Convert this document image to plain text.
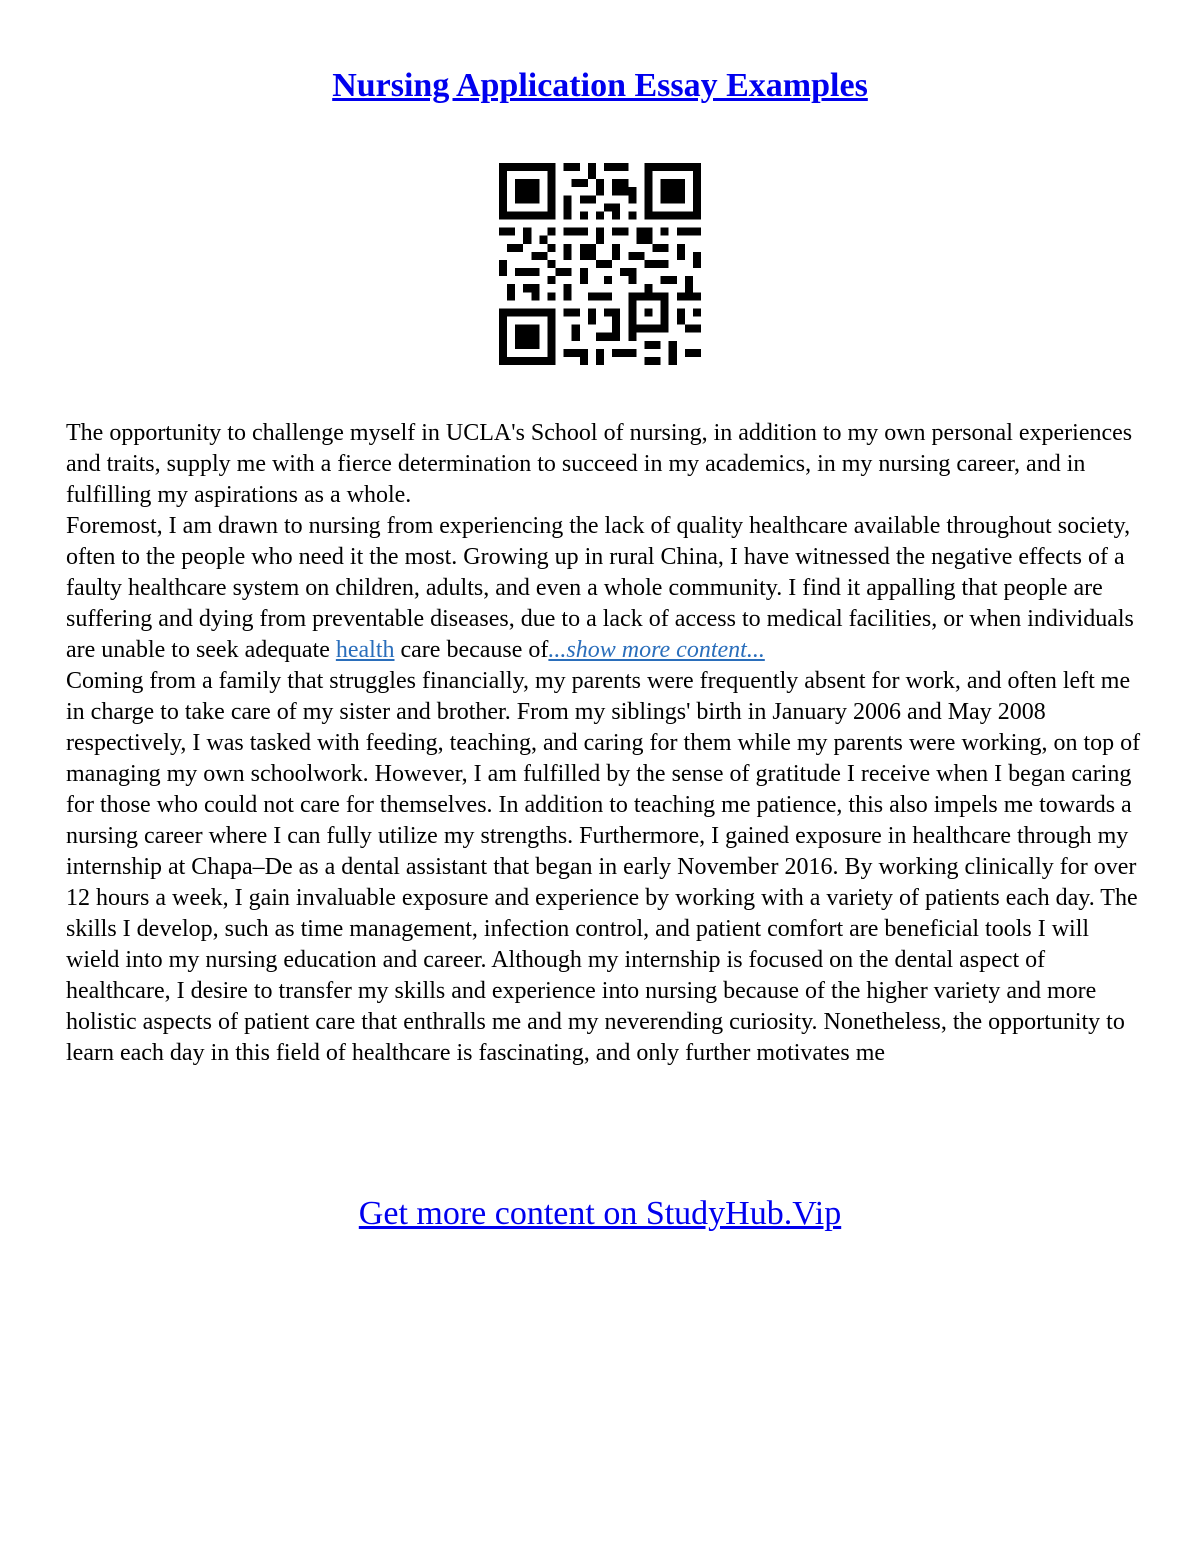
Nursing Application Essay Examples

The opportunity to challenge myself in UCLA's School of nursing, in addition to my own personal experiences and traits, supply me with a fierce determination to succeed in my academics, in my nursing career, and in fulfilling my aspirations as a whole.

Foremost, I am drawn to nursing from experiencing the lack of quality healthcare available throughout society, often to the people who need it the most. Growing up in rural China, I have witnessed the negative effects of a faulty healthcare system on children, adults, and even a whole community. I find it appalling that people are suffering and dying from preventable diseases, due to a lack of access to medical facilities, or when individuals are unable to seek adequate health care because of...show more content...

Coming from a family that struggles financially, my parents were frequently absent for work, and often left me in charge to take care of my sister and brother. From my siblings' birth in January 2006 and May 2008 respectively, I was tasked with feeding, teaching, and caring for them while my parents were working, on top of managing my own schoolwork. However, I am fulfilled by the sense of gratitude I receive when I began caring for those who could not care for themselves. In addition to teaching me patience, this also impels me towards a nursing career where I can fully utilize my strengths. Furthermore, I gained exposure in healthcare through my internship at Chapa–De as a dental assistant that began in early November 2016. By working clinically for over 12 hours a week, I gain invaluable exposure and experience by working with a variety of patients each day. The skills I develop, such as time management, infection control, and patient comfort are beneficial tools I will wield into my nursing education and career. Although my internship is focused on the dental aspect of healthcare, I desire to transfer my skills and experience into nursing because of the higher variety and more holistic aspects of patient care that enthralls me and my neverending curiosity. Nonetheless, the opportunity to learn each day in this field of healthcare is fascinating, and only further motivates me

Get more content on StudyHub.Vip
